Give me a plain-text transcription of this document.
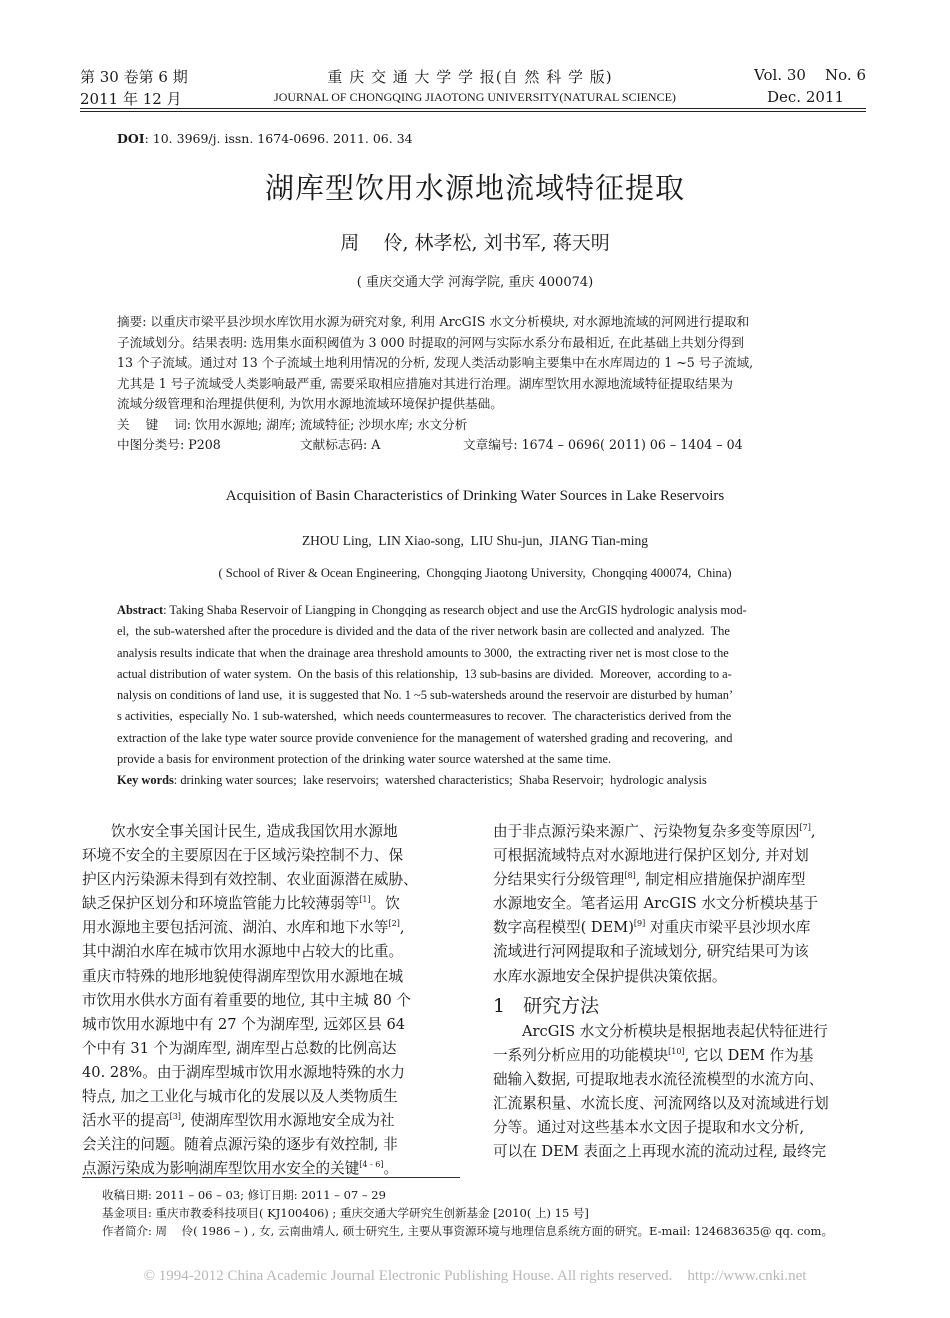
第 30 卷第 6 期
2011 年 12 月
重 庆 交 通 大 学 学 报(自 然 科 学 版)
JOURNAL OF CHONGQING JIAOTONG UNIVERSITY(NATURAL SCIENCE)
Vol. 30    No. 6
Dec. 2011
DOI: 10. 3969/j. issn. 1674-0696. 2011. 06. 34
湖库型饮用水源地流域特征提取
周    伶, 林孝松, 刘书军, 蒋天明
( 重庆交通大学 河海学院, 重庆 400074)
摘要: 以重庆市梁平县沙坝水库饮用水源为研究对象, 利用 ArcGIS 水文分析模块, 对水源地流域的河网进行提取和
子流域划分。结果表明: 选用集水面积阈值为 3 000 时提取的河网与实际水系分布最相近, 在此基础上共划分得到
13 个子流域。通过对 13 个子流域土地利用情况的分析, 发现人类活动影响主要集中在水库周边的 1 ~5 号子流域,
尤其是 1 号子流域受人类影响最严重, 需要采取相应措施对其进行治理。湖库型饮用水源地流域特征提取结果为
流域分级管理和治理提供便利, 为饮用水源地流域环境保护提供基础。
关    键    词: 饮用水源地; 湖库; 流域特征; 沙坝水库; 水文分析
中图分类号: P208	文献标志码: A	文章编号: 1674 – 0696( 2011) 06 – 1404 – 04
Acquisition of Basin Characteristics of Drinking Water Sources in Lake Reservoirs
ZHOU Ling,  LIN Xiao-song,  LIU Shu-jun,  JIANG Tian-ming
( School of River & Ocean Engineering,  Chongqing Jiaotong University,  Chongqing 400074,  China)
Abstract: Taking Shaba Reservoir of Liangping in Chongqing as research object and use the ArcGIS hydrologic analysis mod-
el,  the sub-watershed after the procedure is divided and the data of the river network basin are collected and analyzed.  The
analysis results indicate that when the drainage area threshold amounts to 3000,  the extracting river net is most close to the
actual distribution of water system.  On the basis of this relationship,  13 sub-basins are divided.  Moreover,  according to a-
nalysis on conditions of land use,  it is suggested that No. 1 ~5 sub-watersheds around the reservoir are disturbed by human’
s activities,  especially No. 1 sub-watershed,  which needs countermeasures to recover.  The characteristics derived from the
extraction of the lake type water source provide convenience for the management of watershed grading and recovering,  and
provide a basis for environment protection of the drinking water source watershed at the same time.
Key words: drinking water sources;  lake reservoirs;  watershed characteristics;  Shaba Reservoir;  hydrologic analysis
饮水安全事关国计民生, 造成我国饮用水源地
环境不安全的主要原因在于区域污染控制不力、保
护区内污染源未得到有效控制、农业面源潜在威胁、
缺乏保护区划分和环境监管能力比较薄弱等[1]。饮
用水源地主要包括河流、湖泊、水库和地下水等[2],
其中湖泊水库在城市饮用水源地中占较大的比重。
重庆市特殊的地形地貌使得湖库型饮用水源地在城
市饮用水供水方面有着重要的地位, 其中主城 80 个
城市饮用水源地中有 27 个为湖库型, 远郊区县 64
个中有 31 个为湖库型, 湖库型占总数的比例高达
40. 28%。由于湖库型城市饮用水源地特殊的水力
特点, 加之工业化与城市化的发展以及人类物质生
活水平的提高[3], 使湖库型饮用水源地安全成为社
会关注的问题。随着点源污染的逐步有效控制, 非
点源污染成为影响湖库型饮用水安全的关键[4 - 6]。
由于非点源污染来源广、污染物复杂多变等原因[7],
可根据流域特点对水源地进行保护区划分, 并对划
分结果实行分级管理[8], 制定相应措施保护湖库型
水源地安全。笔者运用 ArcGIS 水文分析模块基于
数字高程模型( DEM)[9] 对重庆市梁平县沙坝水库
流域进行河网提取和子流域划分, 研究结果可为该
水库水源地安全保护提供决策依据。
1 研究方法
ArcGIS 水文分析模块是根据地表起伏特征进行
一系列分析应用的功能模块[10], 它以 DEM 作为基
础输入数据, 可提取地表水流径流模型的水流方向、
汇流累积量、水流长度、河流网络以及对流域进行划
分等。通过对这些基本水文因子提取和水文分析,
可以在 DEM 表面之上再现水流的流动过程, 最终完
收稿日期: 2011 – 06 – 03; 修订日期: 2011 – 07 – 29
基金项目: 重庆市教委科技项目( KJ100406) ; 重庆交通大学研究生创新基金 [2010( 上) 15 号]
作者简介: 周    伶( 1986 – ) , 女, 云南曲靖人, 硕士研究生, 主要从事资源环境与地理信息系统方面的研究。E-mail: 124683635@ qq. com。
© 1994-2012 China Academic Journal Electronic Publishing House. All rights reserved.    http://www.cnki.net
